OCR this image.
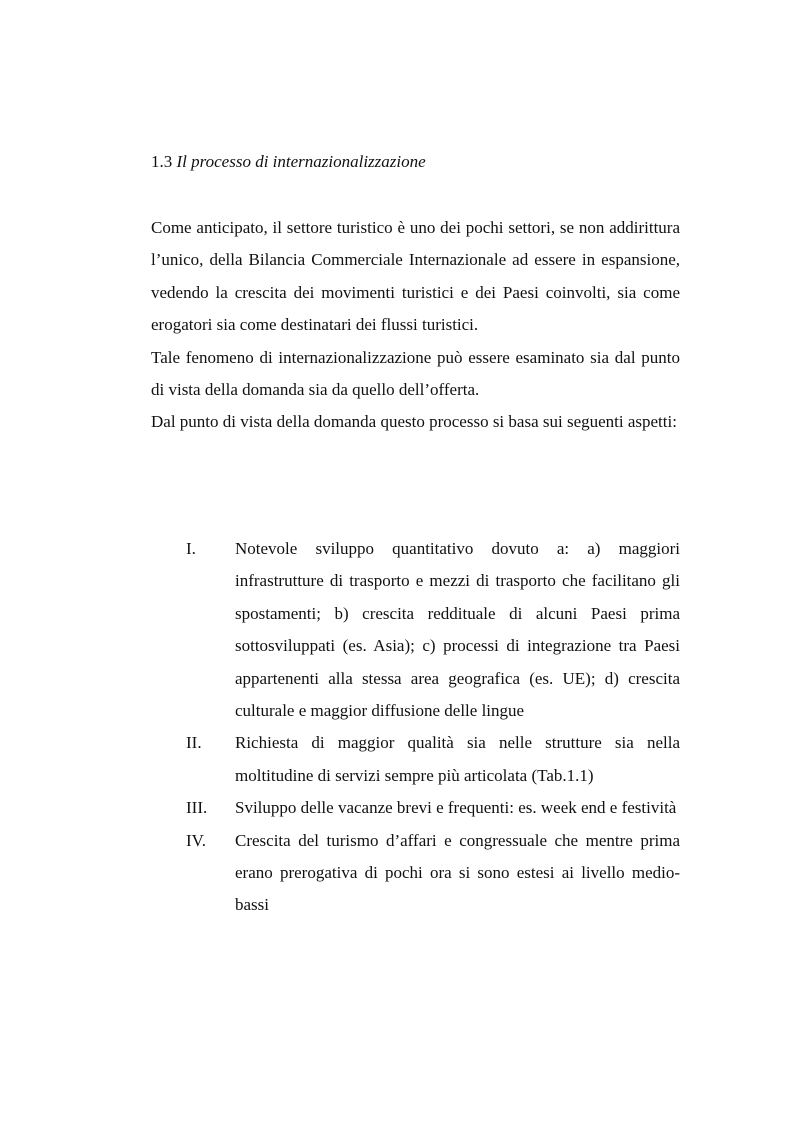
1.3 Il processo di internazionalizzazione

Come anticipato, il settore turistico è uno dei pochi settori, se non addirittura l’unico, della Bilancia Commerciale Internazionale ad essere in espansione, vedendo la crescita dei movimenti turistici e dei Paesi coinvolti, sia come erogatori sia come destinatari dei flussi turistici.

Tale fenomeno di internazionalizzazione può essere esaminato sia dal punto di vista della domanda sia da quello dell’offerta.

Dal punto di vista della domanda questo processo si basa sui seguenti aspetti:

I. Notevole sviluppo quantitativo dovuto a: a) maggiori infrastrutture di trasporto e mezzi di trasporto che facilitano gli spostamenti; b) crescita reddituale di alcuni Paesi prima sottosviluppati (es. Asia); c) processi di integrazione tra Paesi appartenenti alla stessa area geografica (es. UE); d) crescita culturale e maggior diffusione delle lingue
II. Richiesta di maggior qualità sia nelle strutture sia nella moltitudine di servizi sempre più articolata (Tab.1.1)
III. Sviluppo delle vacanze brevi e frequenti: es. week end e festività
IV. Crescita del turismo d’affari e congressuale che mentre prima erano prerogativa di pochi ora si sono estesi ai livello medio-bassi
